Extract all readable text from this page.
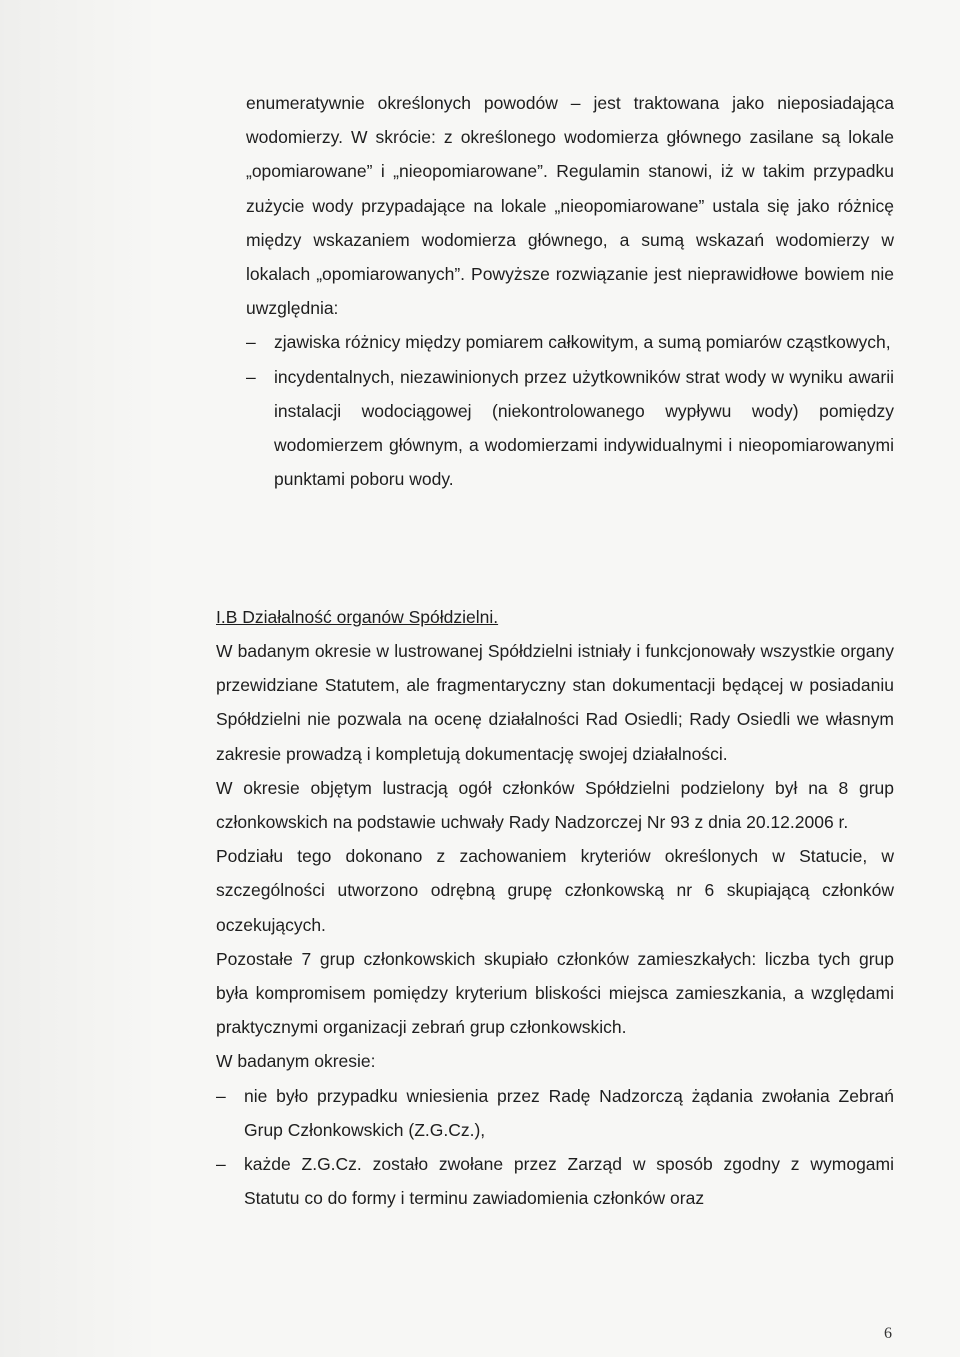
enumeratywnie określonych powodów – jest traktowana jako nieposiadająca wodomierzy. W skrócie: z określonego wodomierza głównego zasilane są lokale „opomiarowane” i „nieopomiarowane”. Regulamin stanowi, iż w takim przypadku zużycie wody przypadające na lokale „nieopomiarowane” ustala się jako różnicę między wskazaniem wodomierza głównego, a sumą wskazań wodomierzy w lokalach „opomiarowanych”. Powyższe rozwiązanie jest nieprawidłowe bowiem nie uwzględnia:

– zjawiska różnicy między pomiarem całkowitym, a sumą pomiarów cząstkowych,
– incydentalnych, niezawinionych przez użytkowników strat wody w wyniku awarii instalacji wodociągowej (niekontrolowanego wypływu wody) pomiędzy wodomierzem głównym, a wodomierzami indywidualnymi i nieopomiarowanymi punktami poboru wody.

I.B Działalność organów Spółdzielni.

W badanym okresie w lustrowanej Spółdzielni istniały i funkcjonowały wszystkie organy przewidziane Statutem, ale fragmentaryczny stan dokumentacji będącej w posiadaniu Spółdzielni nie pozwala na ocenę działalności Rad Osiedli; Rady Osiedli we własnym zakresie prowadzą i kompletują dokumentację swojej działalności.

W okresie objętym lustracją ogół członków Spółdzielni podzielony był na 8 grup członkowskich na podstawie uchwały Rady Nadzorczej Nr 93 z dnia 20.12.2006 r.

Podziału tego dokonano z zachowaniem kryteriów określonych w Statucie, w szczególności utworzono odrębną grupę członkowską nr 6 skupiającą członków oczekujących.

Pozostałe 7 grup członkowskich skupiało członków zamieszkałych: liczba tych grup była kompromisem pomiędzy kryterium bliskości miejsca zamieszkania, a względami praktycznymi organizacji zebrań grup członkowskich.

W badanym okresie:

– nie było przypadku wniesienia przez Radę Nadzorczą żądania zwołania Zebrań Grup Członkowskich (Z.G.Cz.),
– każde Z.G.Cz. zostało zwołane przez Zarząd w sposób zgodny z wymogami Statutu co do formy i terminu zawiadomienia członków oraz
6
